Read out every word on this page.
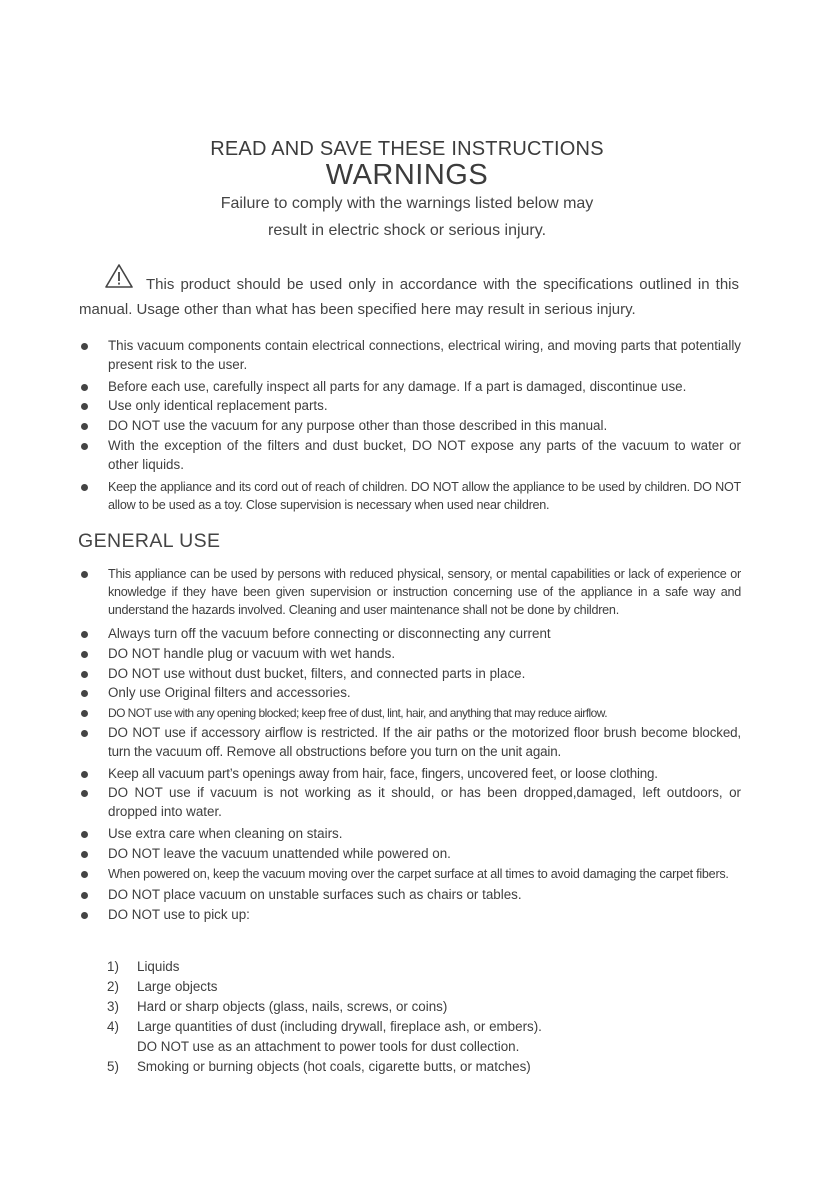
READ AND SAVE THESE INSTRUCTIONS
WARNINGS
Failure to comply with the warnings listed below may
result in electric shock or serious injury.
This product should be used only in accordance with the specifications outlined in this manual. Usage other than what has been specified here may result in serious injury.
This vacuum components contain electrical connections, electrical wiring, and moving parts that potentially present risk to the user.
Before each use, carefully inspect all parts for any damage. If a part is damaged, discontinue use.
Use only identical replacement parts.
DO NOT use the vacuum for any purpose other than those described in this manual.
With the exception of the filters and dust bucket, DO NOT expose any parts of the vacuum to water or other liquids.
Keep the appliance and its cord out of reach of children. DO NOT allow the appliance to be used by children. DO NOT allow to be used as a toy. Close supervision is necessary when used near children.
GENERAL USE
This appliance can be used by persons with reduced physical, sensory, or mental capabilities or lack of experience or knowledge if they have been given supervision or instruction concerning use of the appliance in a safe way and understand the hazards involved. Cleaning and user maintenance shall not be done by children.
Always turn off the vacuum before connecting or disconnecting any current
DO NOT handle plug or vacuum with wet hands.
DO NOT use without dust bucket, filters, and connected parts in place.
Only use Original filters and accessories.
DO NOT use with any opening blocked; keep free of dust, lint, hair, and anything that may reduce airflow.
DO NOT use if accessory airflow is restricted. If the air paths or the motorized floor brush become blocked, turn the vacuum off. Remove all obstructions before you turn on the unit again.
Keep all vacuum part’s openings away from hair, face, fingers, uncovered feet, or loose clothing.
DO NOT use if vacuum is not working as it should, or has been dropped,damaged, left outdoors, or dropped into water.
Use extra care when cleaning on stairs.
DO NOT leave the vacuum unattended while powered on.
When powered on, keep the vacuum moving over the carpet surface at all times to avoid damaging the carpet fibers.
DO NOT place vacuum on unstable surfaces such as chairs or tables.
DO NOT use to pick up:
1) Liquids
2) Large objects
3) Hard or sharp objects (glass, nails, screws, or coins)
4) Large quantities of dust (including drywall, fireplace ash, or embers).
DO NOT use as an attachment to power tools for dust collection.
5) Smoking or burning objects (hot coals, cigarette butts, or matches)
